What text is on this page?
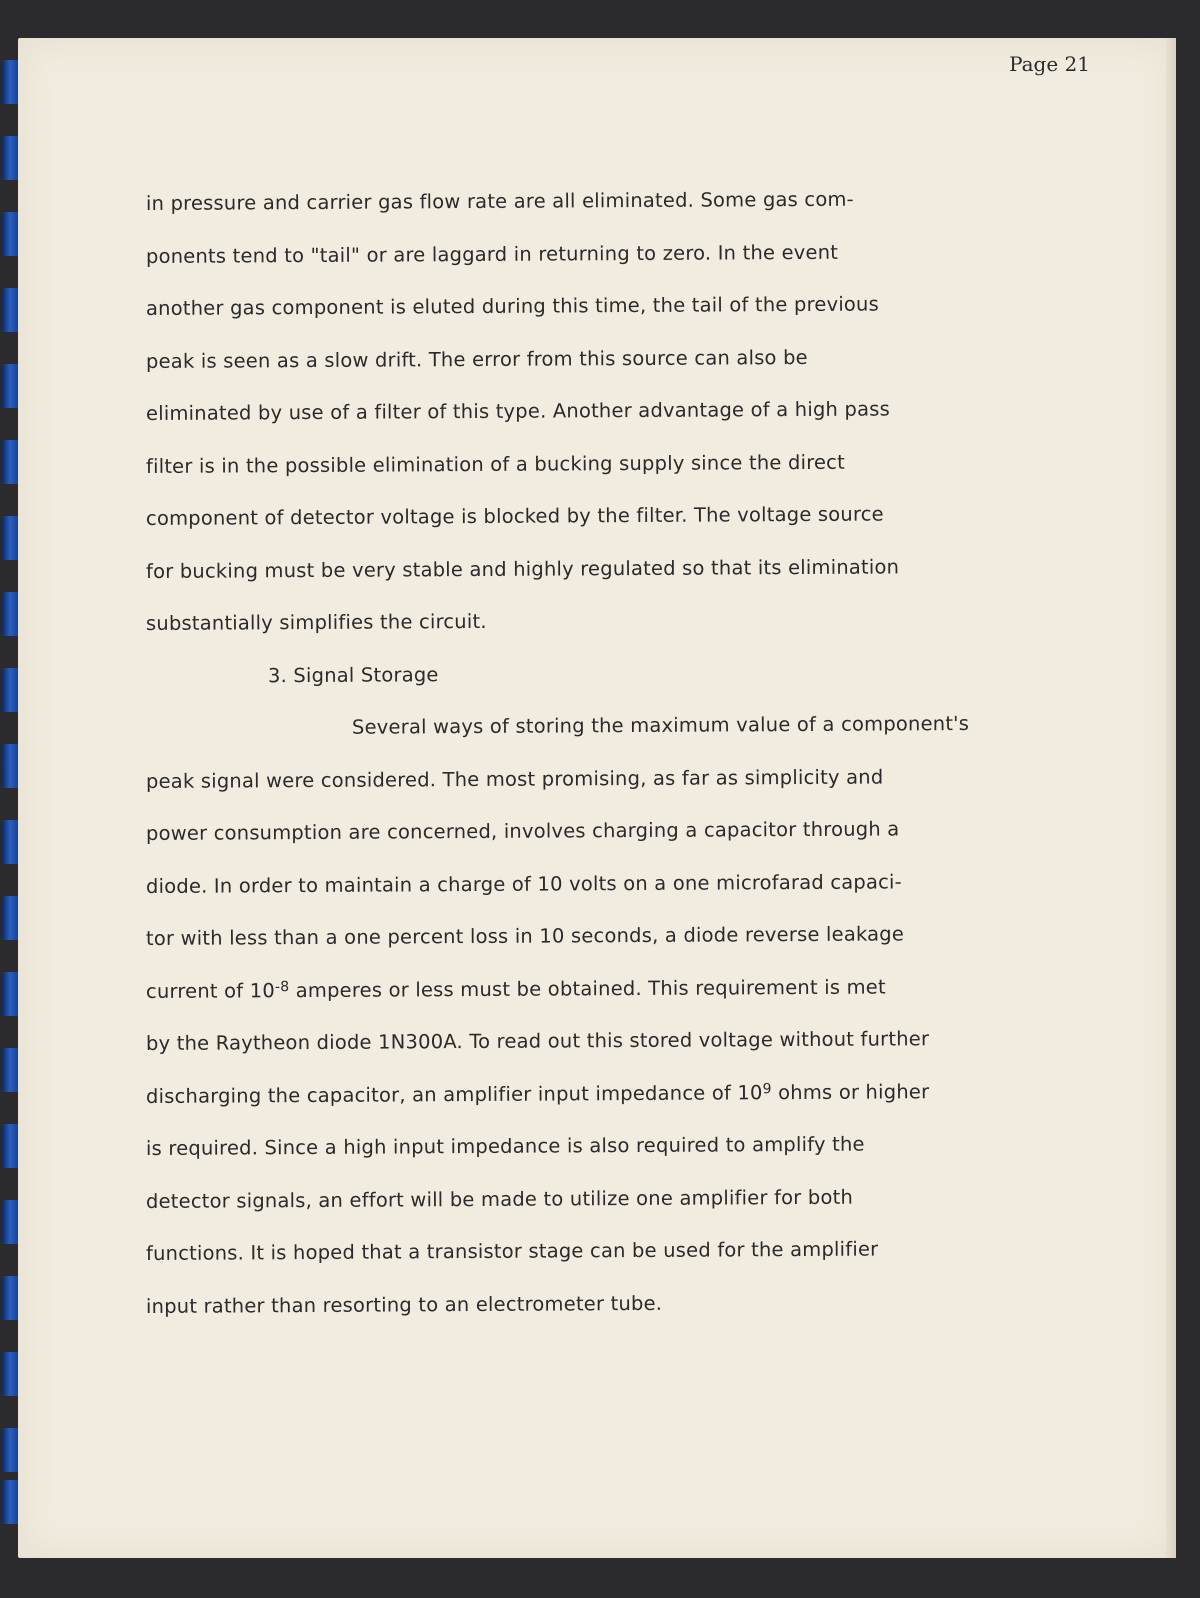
Page 21
in pressure and carrier gas flow rate are all eliminated. Some gas com-
ponents tend to "tail" or are laggard in returning to zero. In the event
another gas component is eluted during this time, the tail of the previous
peak is seen as a slow drift. The error from this source can also be
eliminated by use of a filter of this type. Another advantage of a high pass
filter is in the possible elimination of a bucking supply since the direct
component of detector voltage is blocked by the filter. The voltage source
for bucking must be very stable and highly regulated so that its elimination
substantially simplifies the circuit.
3. Signal Storage
Several ways of storing the maximum value of a component's
peak signal were considered. The most promising, as far as simplicity and
power consumption are concerned, involves charging a capacitor through a
diode. In order to maintain a charge of 10 volts on a one microfarad capaci-
tor with less than a one percent loss in 10 seconds, a diode reverse leakage
current of $10^{-8}$ amperes or less must be obtained. This requirement is met
by the Raytheon diode 1N300A. To read out this stored voltage without further
discharging the capacitor, an amplifier input impedance of $10^9$ ohms or higher
is required. Since a high input impedance is also required to amplify the
detector signals, an effort will be made to utilize one amplifier for both
functions. It is hoped that a transistor stage can be used for the amplifier
input rather than resorting to an electrometer tube.
